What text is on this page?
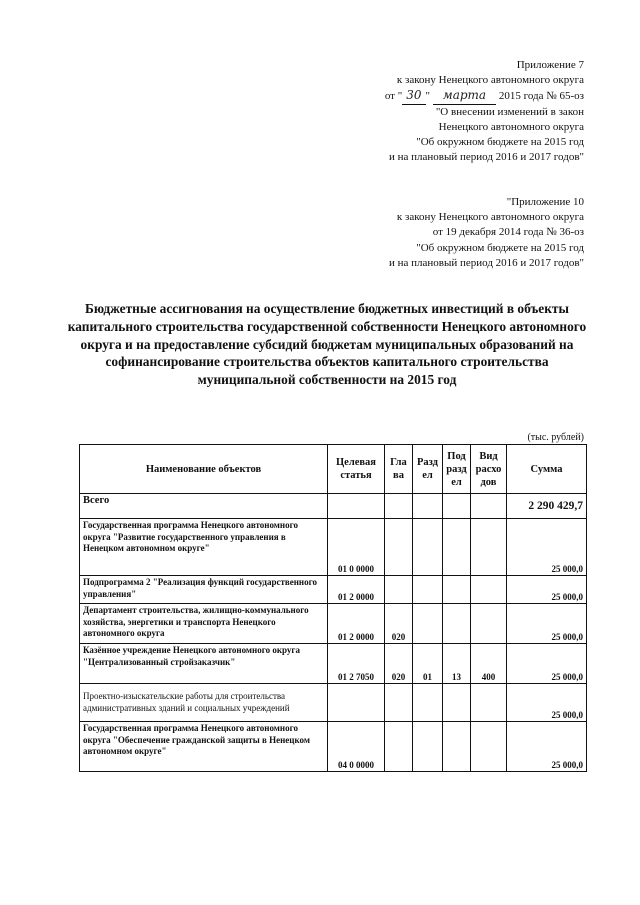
Приложение 7
к закону Ненецкого автономного округа
от " 30 " марта 2015 года № 65-оз
"О внесении изменений в закон
Ненецкого автономного округа
"Об окружном бюджете на 2015 год
и на плановый период 2016 и 2017 годов"
"Приложение 10
к закону Ненецкого автономного округа
от 19 декабря 2014 года № 36-оз
"Об окружном бюджете на 2015 год
и на плановый период 2016 и 2017 годов"
Бюджетные ассигнования на осуществление бюджетных инвестиций в объекты капитального строительства государственной собственности Ненецкого автономного округа и на предоставление субсидий бюджетам муниципальных образований на софинансирование строительства объектов капитального строительства муниципальной собственности на 2015 год
(тыс. рублей)
Наименование объектов	Целевая статья	Гла ва	Разд ел	Под разд ел	Вид расхо дов	Сумма
Всего						2 290 429,7
Государственная программа Ненецкого автономного округа "Развитие государственного управления в Ненецком автономном округе"	01 0 0000					25 000,0
Подпрограмма 2 "Реализация функций государственного управления"	01 2 0000					25 000,0
Департамент строительства, жилищно-коммунального хозяйства, энергетики и транспорта Ненецкого автономного округа	01 2 0000	020				25 000,0
Казённое учреждение Ненецкого автономного округа "Централизованный стройзаказчик"	01 2 7050	020	01	13	400	25 000,0
Проектно-изыскательские работы для строительства административных зданий и социальных учреждений						25 000,0
Государственная программа Ненецкого автономного округа "Обеспечение гражданской защиты в Ненецком автономном округе"	04 0 0000					25 000,0
